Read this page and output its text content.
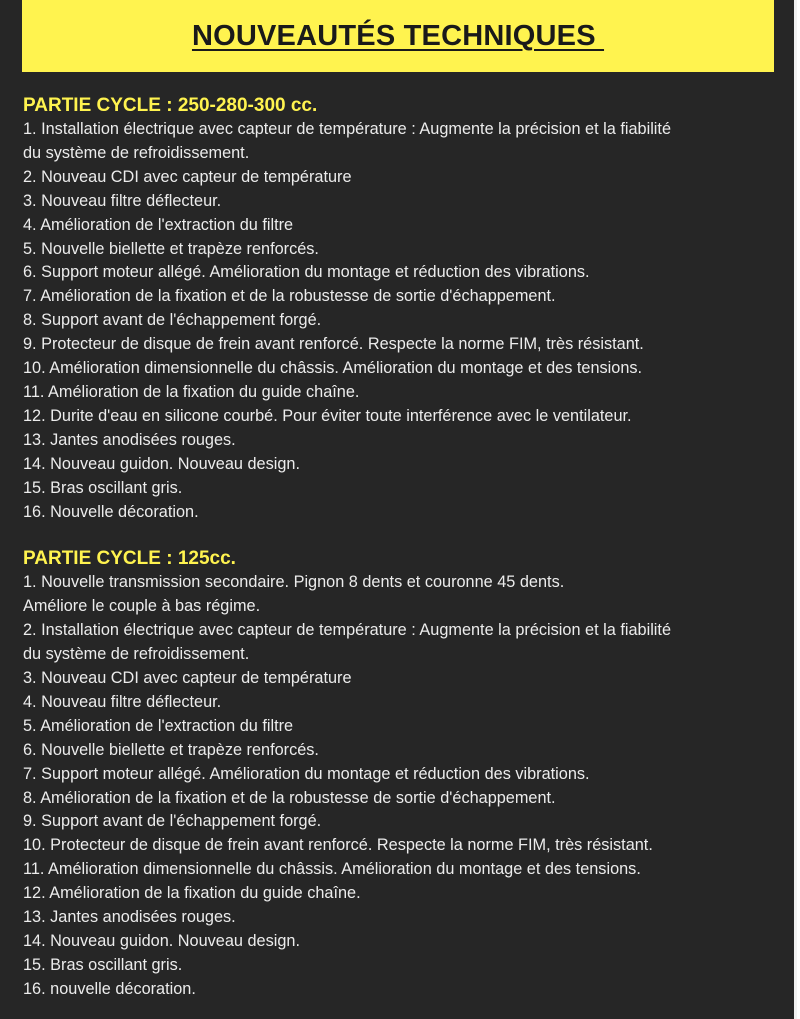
NOUVEAUTÉS TECHNIQUES
PARTIE CYCLE : 250-280-300 cc.
1. Installation électrique avec capteur de température : Augmente la précision et la fiabilité
du système de refroidissement.
2. Nouveau CDI avec capteur de température
3. Nouveau filtre déflecteur.
4. Amélioration de l'extraction du filtre
5. Nouvelle biellette et trapèze renforcés.
6. Support moteur allégé. Amélioration du montage et réduction des vibrations.
7. Amélioration de la fixation et de la robustesse de sortie d'échappement.
8. Support avant de l'échappement forgé.
9. Protecteur de disque de frein avant renforcé. Respecte la norme FIM, très résistant.
10. Amélioration dimensionnelle du châssis. Amélioration du montage et des tensions.
11. Amélioration de la fixation du guide chaîne.
12. Durite d'eau en silicone courbé. Pour éviter toute interférence avec le ventilateur.
13. Jantes anodisées rouges.
14. Nouveau guidon. Nouveau design.
15. Bras oscillant gris.
16. Nouvelle décoration.
PARTIE CYCLE : 125cc.
1. Nouvelle transmission secondaire. Pignon 8 dents et couronne 45 dents.
Améliore le couple à bas régime.
2. Installation électrique avec capteur de température : Augmente la précision et la fiabilité
du système de refroidissement.
3. Nouveau CDI avec capteur de température
4. Nouveau filtre déflecteur.
5. Amélioration de l'extraction du filtre
6. Nouvelle biellette et trapèze renforcés.
7. Support moteur allégé. Amélioration du montage et réduction des vibrations.
8. Amélioration de la fixation et de la robustesse de sortie d'échappement.
9. Support avant de l'échappement forgé.
10. Protecteur de disque de frein avant renforcé. Respecte la norme FIM, très résistant.
11. Amélioration dimensionnelle du châssis. Amélioration du montage et des tensions.
12. Amélioration de la fixation du guide chaîne.
13. Jantes anodisées rouges.
14. Nouveau guidon. Nouveau design.
15. Bras oscillant gris.
16. nouvelle décoration.
